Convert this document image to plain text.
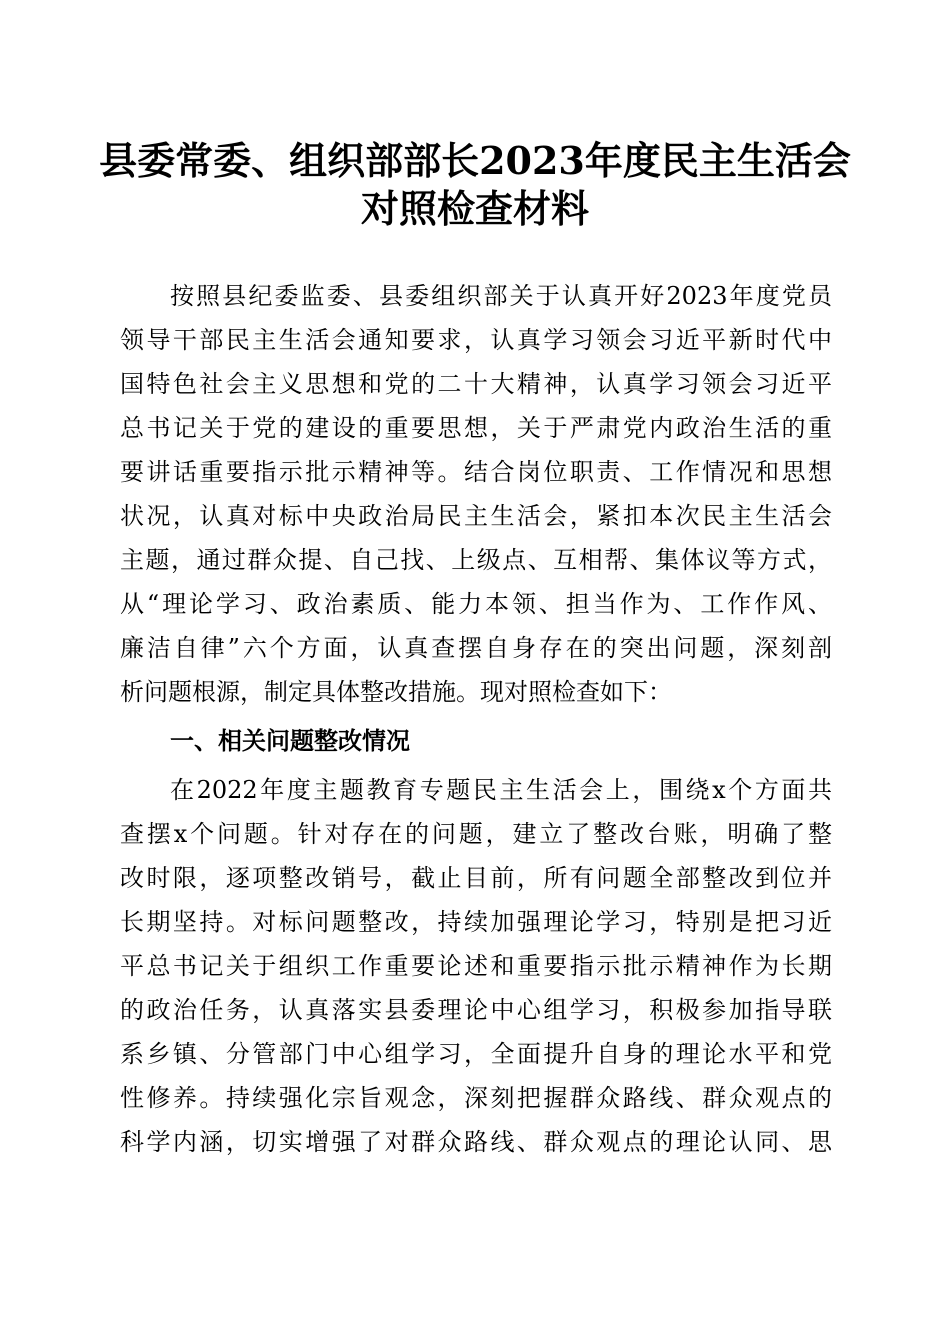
县委常委、组织部部长2023年度民主生活会
对照检查材料
按照县纪委监委、县委组织部关于认真开好2023年度党员
领导干部民主生活会通知要求，认真学习领会习近平新时代中
国特色社会主义思想和党的二十大精神，认真学习领会习近平
总书记关于党的建设的重要思想，关于严肃党内政治生活的重
要讲话重要指示批示精神等。结合岗位职责、工作情况和思想
状况，认真对标中央政治局民主生活会，紧扣本次民主生活会
主题，通过群众提、自己找、上级点、互相帮、集体议等方式，
从“理论学习、政治素质、能力本领、担当作为、工作作风、
廉洁自律”六个方面，认真查摆自身存在的突出问题，深刻剖
析问题根源，制定具体整改措施。现对照检查如下：
一、相关问题整改情况
在2022年度主题教育专题民主生活会上，围绕x个方面共
查摆x个问题。针对存在的问题，建立了整改台账，明确了整
改时限，逐项整改销号，截止目前，所有问题全部整改到位并
长期坚持。对标问题整改，持续加强理论学习，特别是把习近
平总书记关于组织工作重要论述和重要指示批示精神作为长期
的政治任务，认真落实县委理论中心组学习，积极参加指导联
系乡镇、分管部门中心组学习，全面提升自身的理论水平和党
性修养。持续强化宗旨观念，深刻把握群众路线、群众观点的
科学内涵，切实增强了对群众路线、群众观点的理论认同、思
